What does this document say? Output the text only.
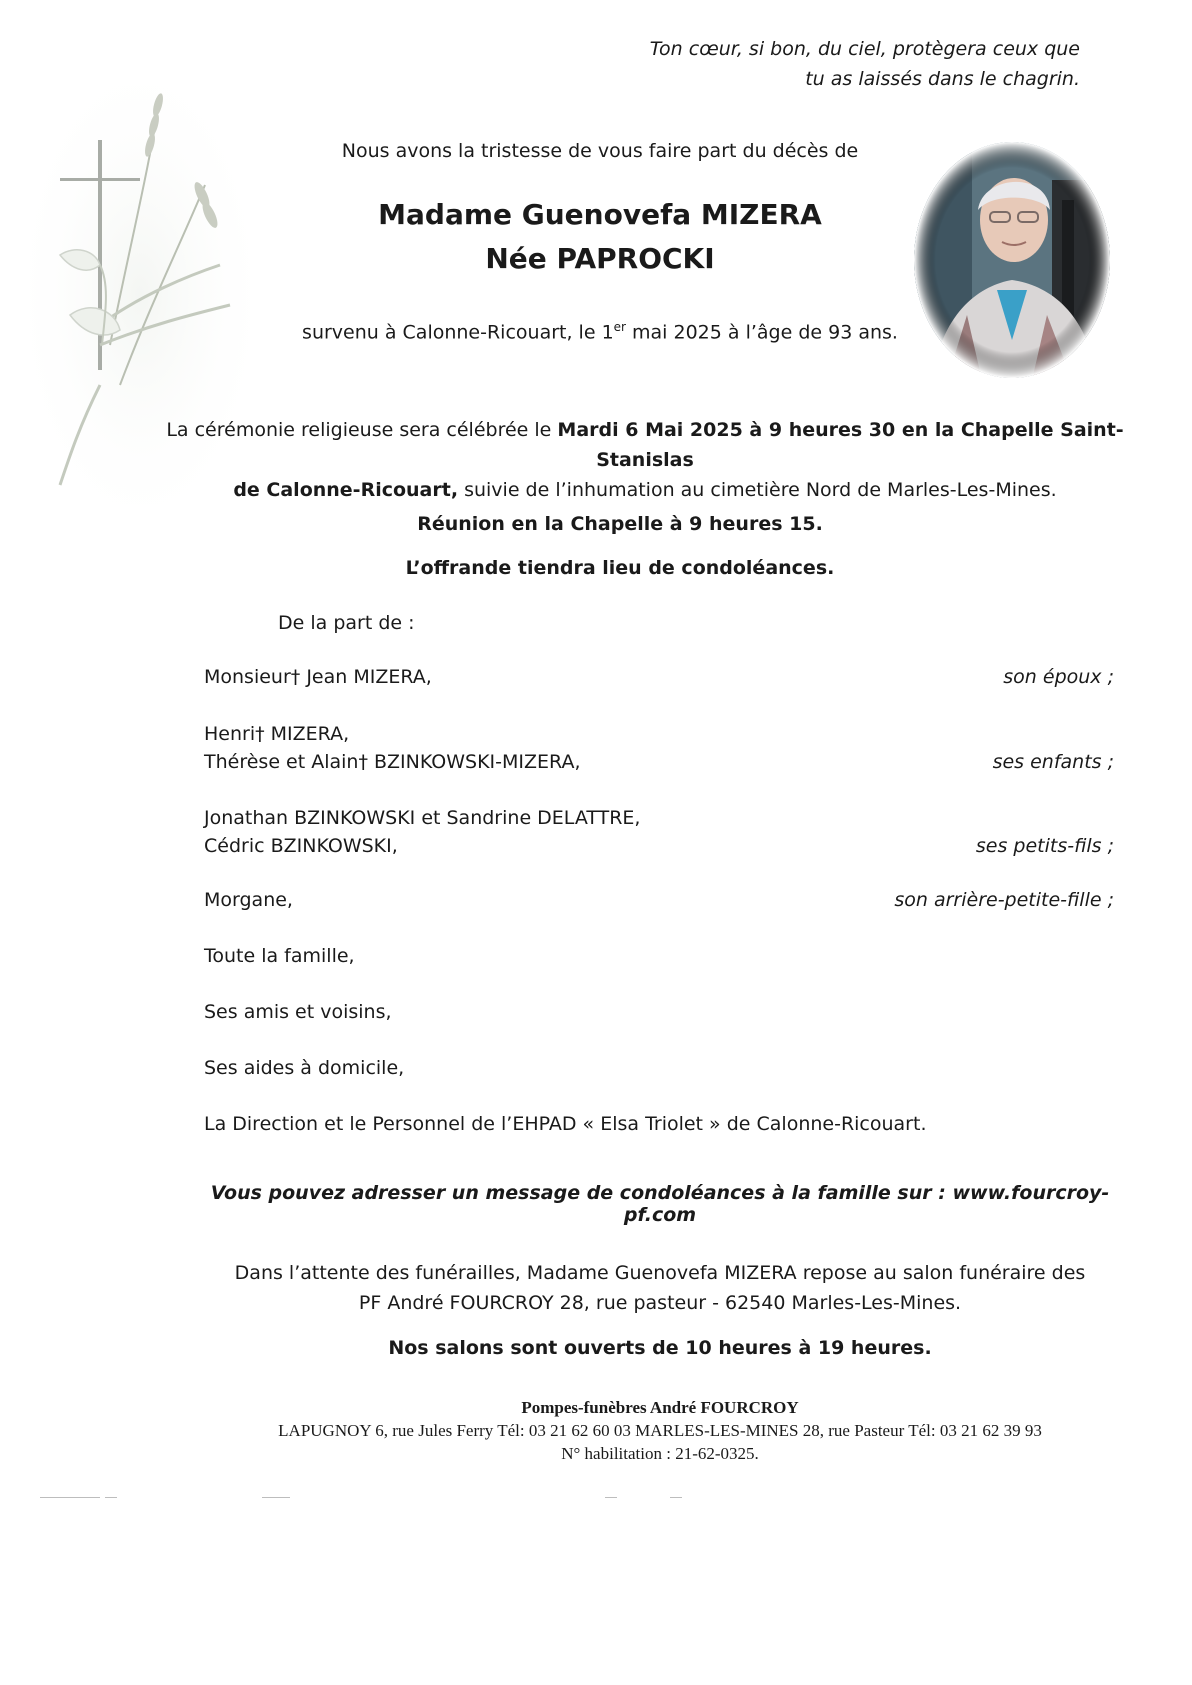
Ton cœur, si bon, du ciel, protègera ceux que
tu as laissés dans le chagrin.
Nous avons la tristesse de vous faire part du décès de
Madame Guenovefa MIZERA
Née PAPROCKI
survenu à Calonne-Ricouart, le 1er mai 2025 à l’âge de 93 ans.
La cérémonie religieuse sera célébrée le Mardi 6 Mai 2025 à 9 heures 30 en la Chapelle Saint-Stanislas
de Calonne-Ricouart, suivie de l’inhumation au cimetière Nord de Marles-Les-Mines.
Réunion en la Chapelle à 9 heures 15.
L’offrande tiendra lieu de condoléances.
De la part de :
Monsieur† Jean MIZERA,	son époux ;
Henri† MIZERA,
Thérèse et Alain† BZINKOWSKI-MIZERA,	ses enfants ;
Jonathan BZINKOWSKI et Sandrine DELATTRE,
Cédric BZINKOWSKI,	ses petits-fils ;
Morgane,	son arrière-petite-fille ;
Toute la famille,
Ses amis et voisins,
Ses aides à domicile,
La Direction et le Personnel de l’EHPAD « Elsa Triolet » de Calonne-Ricouart.
Vous pouvez adresser un message de condoléances à la famille sur : www.fourcroy-pf.com
Dans l’attente des funérailles, Madame Guenovefa MIZERA repose au salon funéraire des
PF André FOURCROY 28, rue pasteur - 62540 Marles-Les-Mines.
Nos salons sont ouverts de 10 heures à 19 heures.
Pompes-funèbres André FOURCROY
LAPUGNOY 6, rue Jules Ferry Tél: 03 21 62 60 03 MARLES-LES-MINES 28, rue Pasteur Tél: 03 21 62 39 93
N° habilitation : 21-62-0325.
